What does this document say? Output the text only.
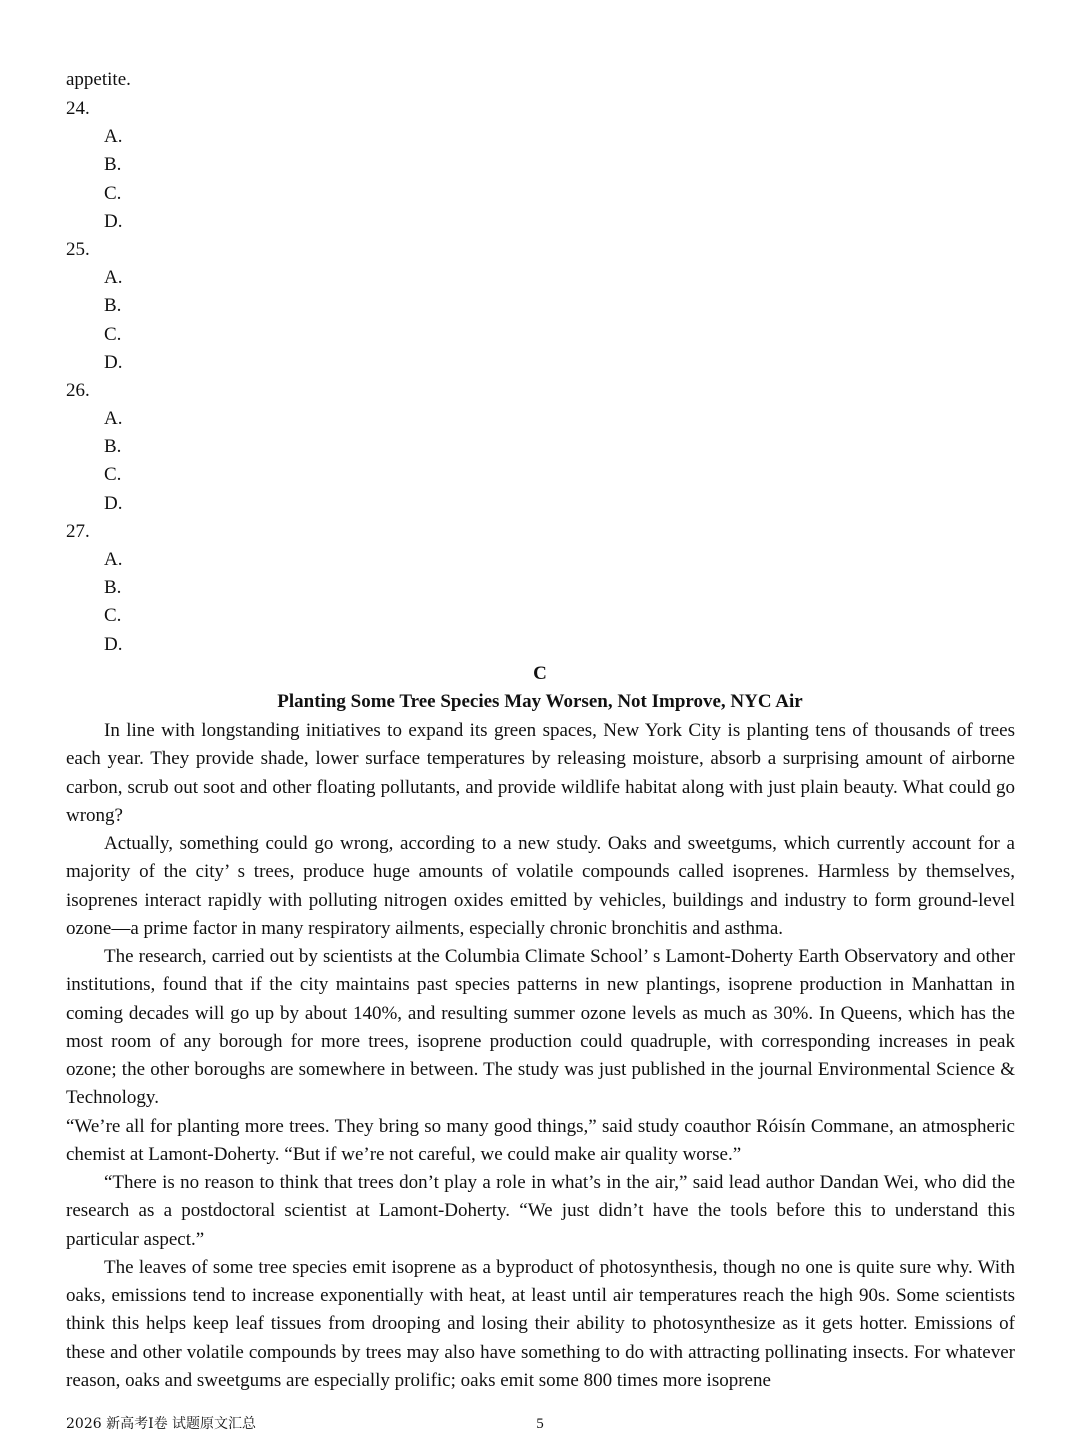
appetite.
24.
A.
B.
C.
D.
25.
A.
B.
C.
D.
26.
A.
B.
C.
D.
27.
A.
B.
C.
D.
C
Planting Some Tree Species May Worsen, Not Improve, NYC Air

In line with longstanding initiatives to expand its green spaces, New York City is planting tens of thousands of trees each year. They provide shade, lower surface temperatures by releasing moisture, absorb a surprising amount of airborne carbon, scrub out soot and other floating pollutants, and provide wildlife habitat along with just plain beauty. What could go wrong?

Actually, something could go wrong, according to a new study. Oaks and sweetgums, which currently account for a majority of the city’ s trees, produce huge amounts of volatile compounds called isoprenes. Harmless by themselves, isoprenes interact rapidly with polluting nitrogen oxides emitted by vehicles, buildings and industry to form ground-level ozone—a prime factor in many respiratory ailments, especially chronic bronchitis and asthma.

The research, carried out by scientists at the Columbia Climate School’ s Lamont-Doherty Earth Observatory and other institutions, found that if the city maintains past species patterns in new plantings, isoprene production in Manhattan in coming decades will go up by about 140%, and resulting summer ozone levels as much as 30%. In Queens, which has the most room of any borough for more trees, isoprene production could quadruple, with corresponding increases in peak ozone; the other boroughs are somewhere in between. The study was just published in the journal Environmental Science & Technology.

“We’re all for planting more trees. They bring so many good things,” said study coauthor Róisín Commane, an atmospheric chemist at Lamont-Doherty. “But if we’re not careful, we could make air quality worse.”

“There is no reason to think that trees don’t play a role in what’s in the air,” said lead author Dandan Wei, who did the research as a postdoctoral scientist at Lamont-Doherty. “We just didn’t have the tools before this to understand this particular aspect.”

The leaves of some tree species emit isoprene as a byproduct of photosynthesis, though no one is quite sure why. With oaks, emissions tend to increase exponentially with heat, at least until air temperatures reach the high 90s. Some scientists think this helps keep leaf tissues from drooping and losing their ability to photosynthesize as it gets hotter. Emissions of these and other volatile compounds by trees may also have something to do with attracting pollinating insects. For whatever reason, oaks and sweetgums are especially prolific; oaks emit some 800 times more isoprene

2026 新高考I卷 试题原文汇总	5
